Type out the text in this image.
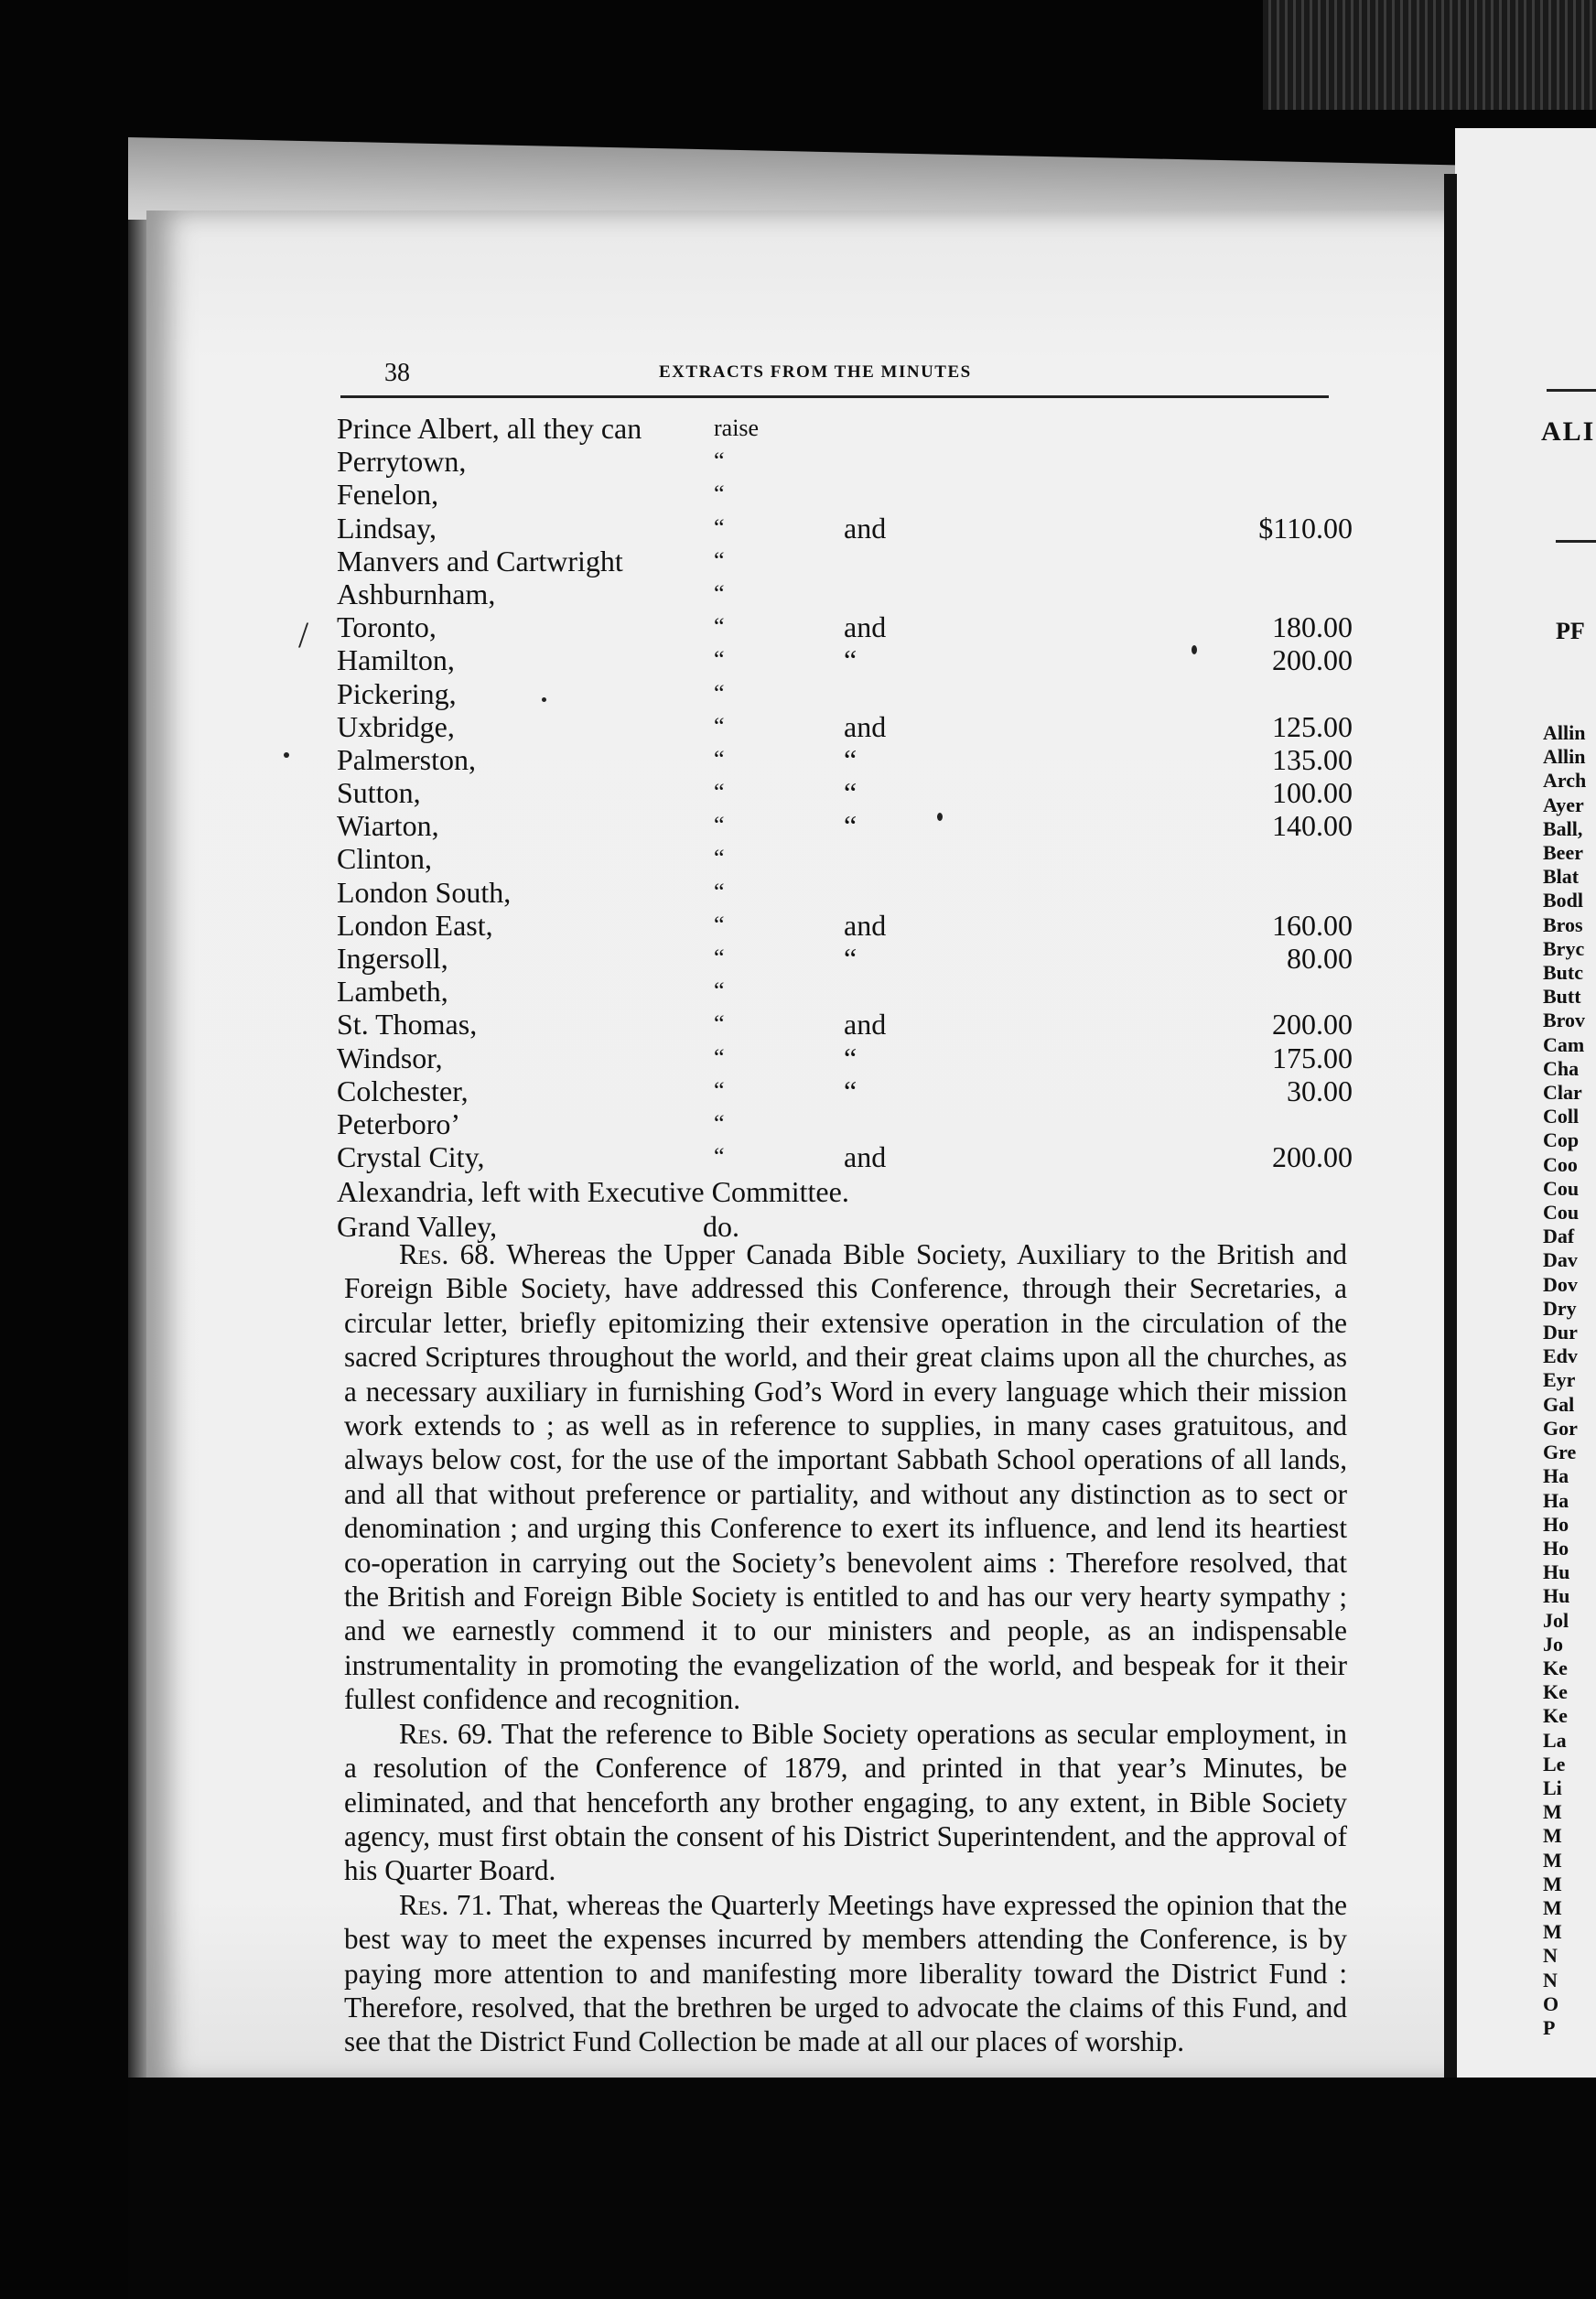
38	EXTRACTS FROM THE MINUTES
/
Prince Albert, all they can	raise
Perrytown,	“
Fenelon,	“
Lindsay,	“	and	$110.00
Manvers and Cartwright	“
Ashburnham,	“
Toronto,	“	and	180.00
Hamilton,	“	“	200.00
Pickering,	“
Uxbridge,	“	and	125.00
Palmerston,	“	“	135.00
Sutton,	“	“	100.00
Wiarton,	“	“	140.00
Clinton,	“
London South,	“
London East,	“	and	160.00
Ingersoll,	“	“	80.00
Lambeth,	“
St. Thomas,	“	and	200.00
Windsor,	“	“	175.00
Colchester,	“	“	30.00
Peterboro’	“
Crystal City,	“	and	200.00
Alexandria, left with Executive Committee.
Grand Valley,	do.

Res. 68. Whereas the Upper Canada Bible Society, Auxiliary to the British and Foreign Bible Society, have addressed this Conference, through their Secretaries, a circular letter, briefly epitomizing their extensive operation in the circulation of the sacred Scriptures throughout the world, and their great claims upon all the churches, as a necessary auxiliary in furnishing God’s Word in every language which their mission work extends to ; as well as in reference to supplies, in many cases gratuitous, and always below cost, for the use of the important Sabbath School operations of all lands, and all that without preference or partiality, and without any distinction as to sect or denomination ; and urging this Conference to exert its influence, and lend its heartiest co-operation in carrying out the Society’s benevolent aims : Therefore resolved, that the British and Foreign Bible Society is entitled to and has our very hearty sympathy ; and we earnestly commend it to our ministers and people, as an indispensable instrumentality in promoting the evangelization of the world, and bespeak for it their fullest confidence and recognition.

Res. 69. That the reference to Bible Society operations as secular employment, in a resolution of the Conference of 1879, and printed in that year’s Minutes, be eliminated, and that henceforth any brother engaging, to any extent, in Bible Society agency, must first obtain the consent of his District Superintendent, and the approval of his Quarter Board.

Res. 71. That, whereas the Quarterly Meetings have expressed the opinion that the best way to meet the expenses incurred by members attending the Conference, is by paying more attention to and manifesting more liberality toward the District Fund : Therefore, resolved, that the brethren be urged to advocate the claims of this Fund, and see that the District Fund Collection be made at all our places of worship.

ALI
PF
Allin
Allin
Arch
Ayer
Ball,
Beer
Blat
Bodl
Bros
Bryc
Butc
Butt
Brov
Cam
Cha
Clar
Coll
Cop
Coo
Cou
Cou
Daf
Dav
Dov
Dry
Dur
Edv
Eyr
Gal
Gor
Gre
Ha
Ha
Ho
Ho
Hu
Hu
Jol
Jo
Ke
Ke
Ke
La
Le
Li
M
M
M
M
M
M
N
N
O
P
